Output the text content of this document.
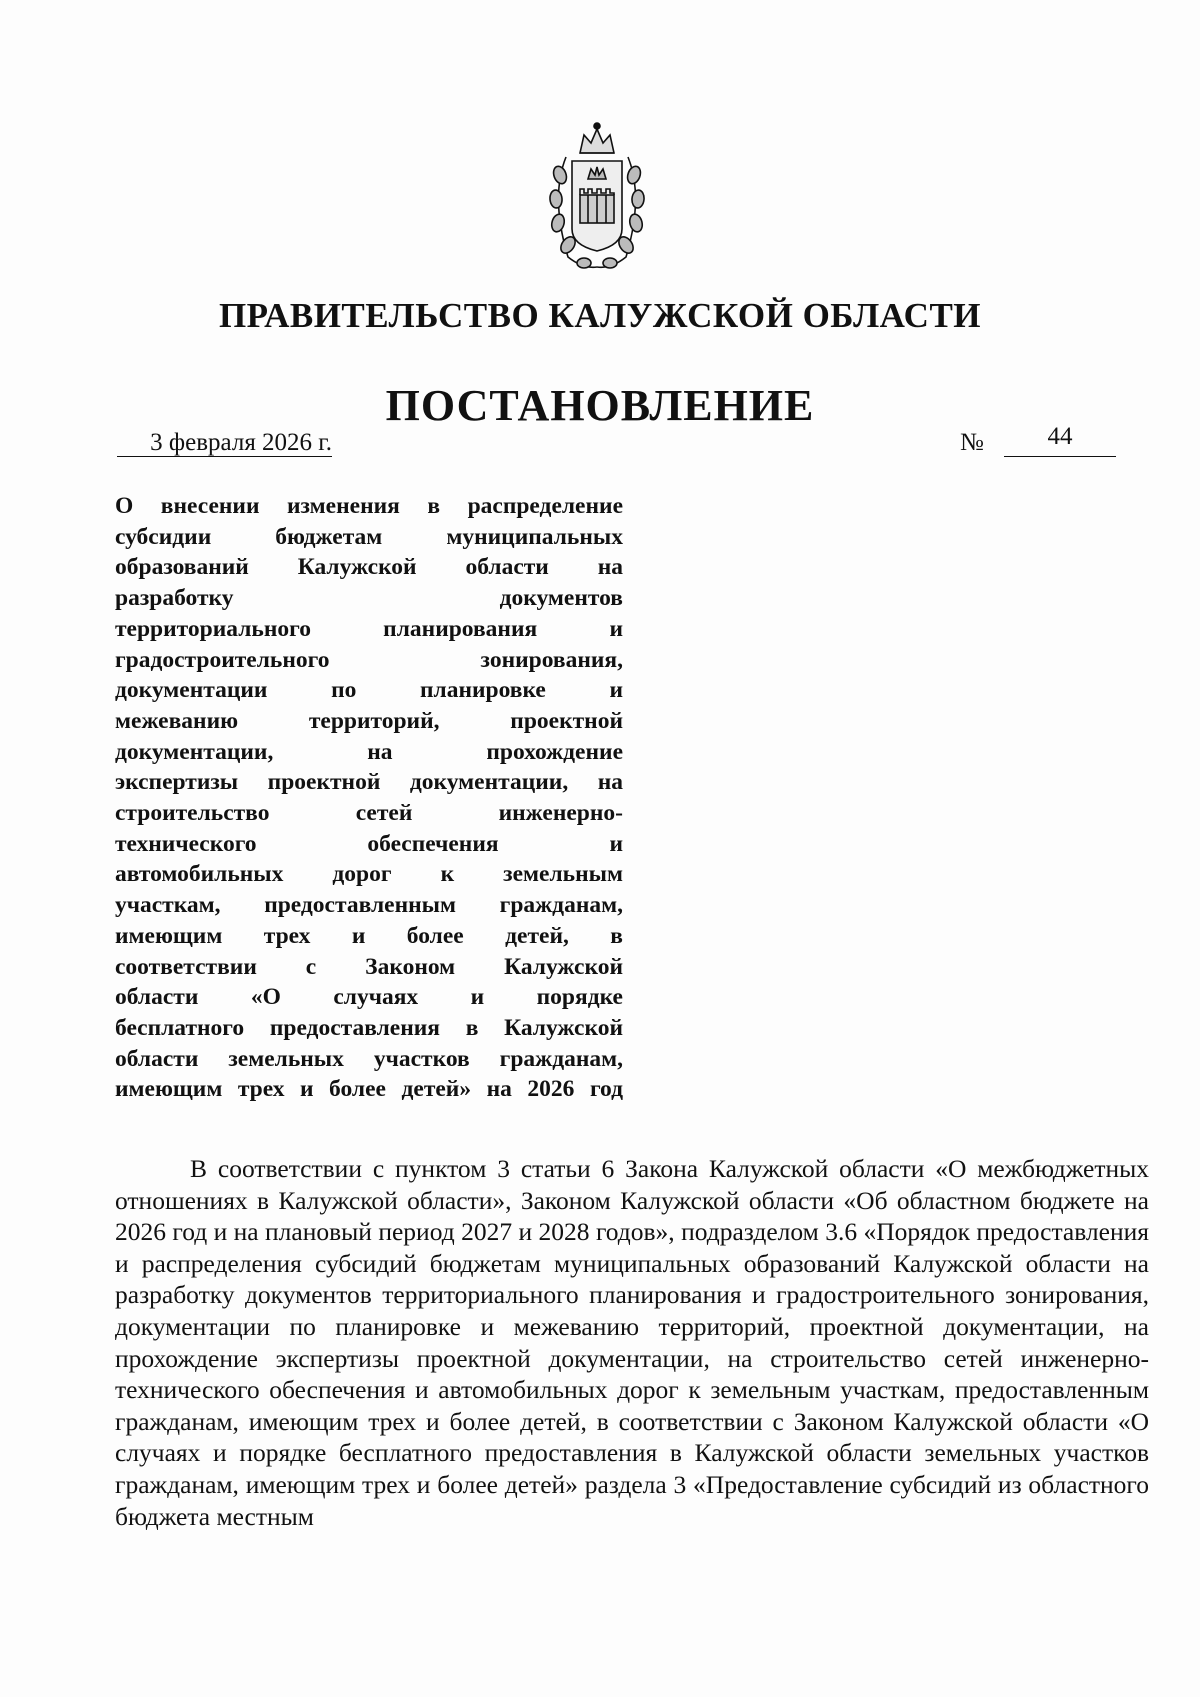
ПРАВИТЕЛЬСТВО КАЛУЖСКОЙ ОБЛАСТИ
ПОСТАНОВЛЕНИЕ
3 февраля 2026 г.	№	44
О внесении изменения в распределение
субсидии бюджетам муниципальных
образований Калужской области на
разработку документов
территориального планирования и
градостроительного зонирования,
документации по планировке и
межеванию территорий, проектной
документации, на прохождение
экспертизы проектной документации, на
строительство сетей инженерно-
технического обеспечения и
автомобильных дорог к земельным
участкам, предоставленным гражданам,
имеющим трех и более детей, в
соответствии с Законом Калужской
области «О случаях и порядке
бесплатного предоставления в Калужской
области земельных участков гражданам,
имеющим трех и более детей» на 2026 год

В соответствии с пунктом 3 статьи 6 Закона Калужской области «О межбюджетных отношениях в Калужской области», Законом Калужской области «Об областном бюджете на 2026 год и на плановый период 2027 и 2028 годов», подразделом 3.6 «Порядок предоставления и распределения субсидий бюджетам муниципальных образований Калужской области на разработку документов территориального планирования и градостроительного зонирования, документации по планировке и межеванию территорий, проектной документации, на прохождение экспертизы проектной документации, на строительство сетей инженерно-технического обеспечения и автомобильных дорог к земельным участкам, предоставленным гражданам, имеющим трех и более детей, в соответствии с Законом Калужской области «О случаях и порядке бесплатного предоставления в Калужской области земельных участков гражданам, имеющим трех и более детей» раздела 3 «Предоставление субсидий из областного бюджета местным
